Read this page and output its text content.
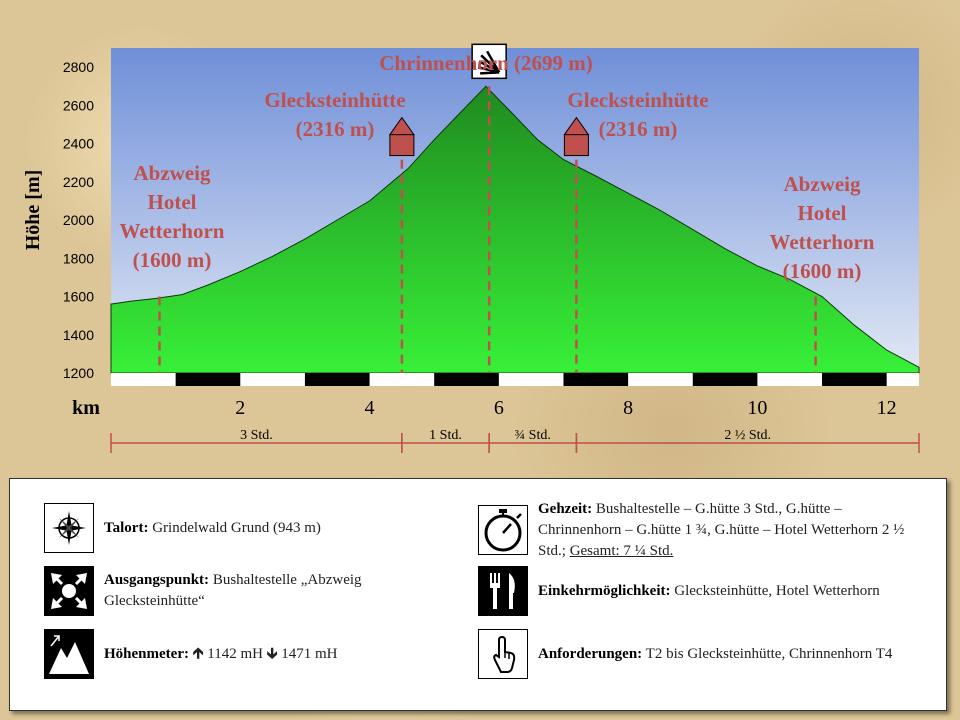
1200
1400
1600
1800
2000
2200
2400
2600
2800
Höhe [m]
km	2	4	6	8	10	12
Abzweig
Hotel
Wetterhorn
(1600 m)
Glecksteinhütte
(2316 m)
Chrinnenhorn (2699 m)
Glecksteinhütte
(2316 m)
Abzweig
Hotel
Wetterhorn
(1600 m)
3 Std.	1 Std.	¾ Std.	2 ½ Std.
Talort: Grindelwald Grund (943 m)
Ausgangspunkt: Bushaltestelle „Abzweig Glecksteinhütte“
Höhenmeter: 🡱 1142 mH 🡳 1471 mH
Gehzeit: Bushaltestelle – G.hütte 3 Std., G.hütte – Chrinnenhorn – G.hütte 1 ¾, G.hütte – Hotel Wetterhorn 2 ½ Std.; Gesamt: 7 ¼ Std.
Einkehrmöglichkeit: Glecksteinhütte, Hotel Wetterhorn
Anforderungen: T2 bis Glecksteinhütte, Chrinnenhorn T4
